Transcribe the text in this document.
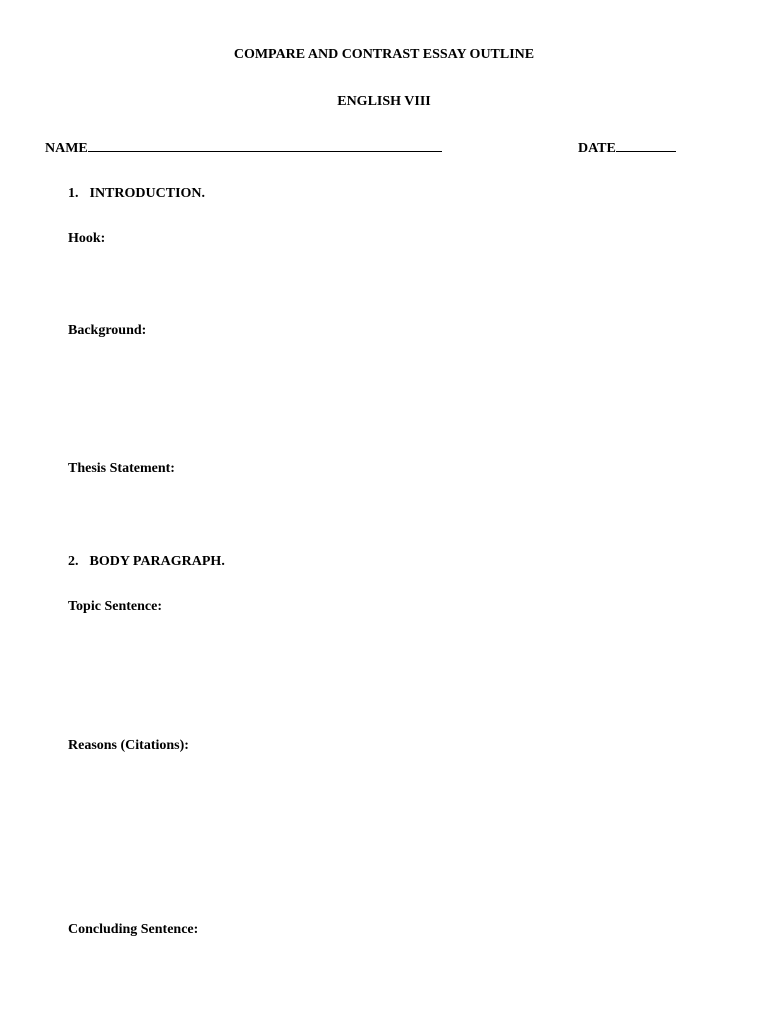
COMPARE AND CONTRAST ESSAY OUTLINE
ENGLISH VIII
NAME	DATE
1. INTRODUCTION.
Hook:
Background:
Thesis Statement:
2. BODY PARAGRAPH.
Topic Sentence:
Reasons (Citations):
Concluding Sentence:
